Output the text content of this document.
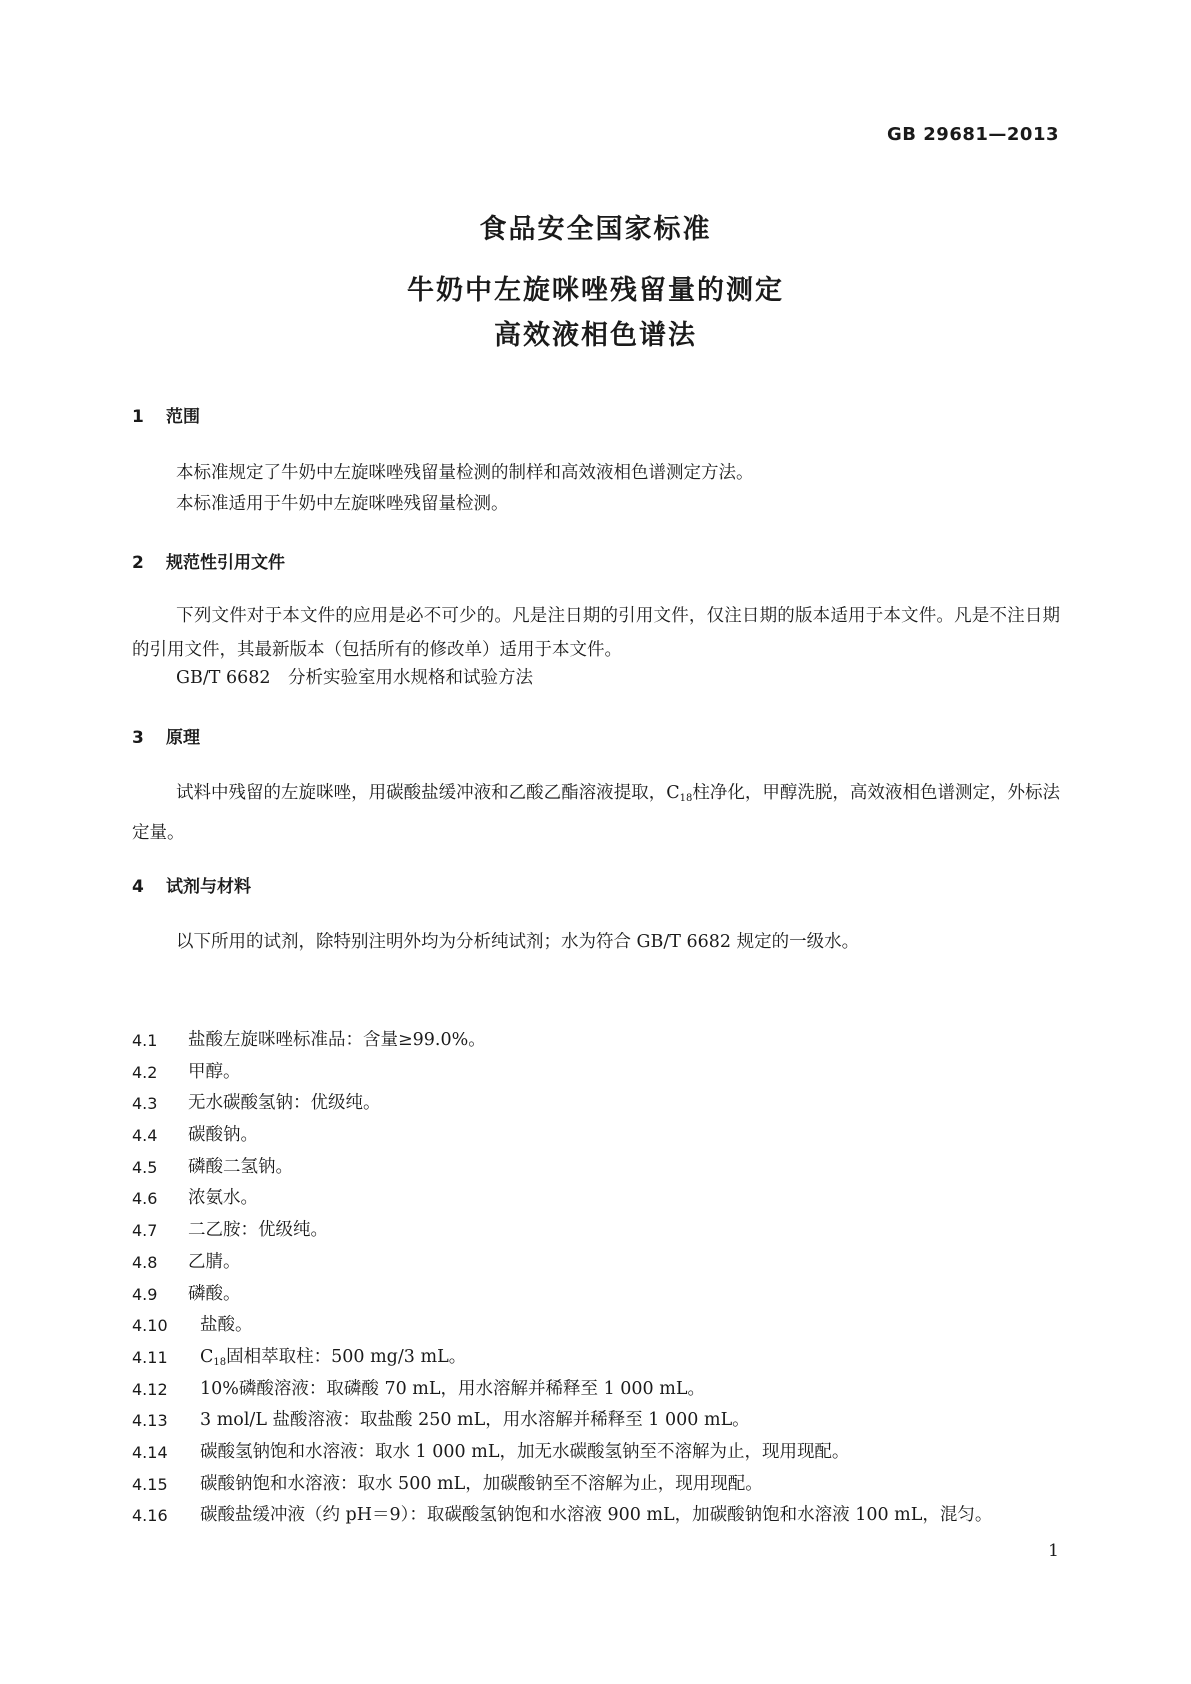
GB 29681—2013
食品安全国家标准
牛奶中左旋咪唑残留量的测定
高效液相色谱法
1 范围
本标准规定了牛奶中左旋咪唑残留量检测的制样和高效液相色谱测定方法。
本标准适用于牛奶中左旋咪唑残留量检测。
2 规范性引用文件
下列文件对于本文件的应用是必不可少的。凡是注日期的引用文件，仅注日期的版本适用于本文件。凡是不注日期的引用文件，其最新版本（包括所有的修改单）适用于本文件。
GB/T 6682　分析实验室用水规格和试验方法
3 原理
试料中残留的左旋咪唑，用碳酸盐缓冲液和乙酸乙酯溶液提取，$C_{18}$柱净化，甲醇洗脱，高效液相色谱测定，外标法定量。
4 试剂与材料
以下所用的试剂，除特别注明外均为分析纯试剂；水为符合 GB/T 6682 规定的一级水。
4.1	盐酸左旋咪唑标准品：含量≥99.0%。
4.2	甲醇。
4.3	无水碳酸氢钠：优级纯。
4.4	碳酸钠。
4.5	磷酸二氢钠。
4.6	浓氨水。
4.7	二乙胺：优级纯。
4.8	乙腈。
4.9	磷酸。
4.10	盐酸。
4.11	$C_{18}$固相萃取柱：500 mg/3 mL。
4.12	10%磷酸溶液：取磷酸 70 mL，用水溶解并稀释至 1 000 mL。
4.13	3 mol/L 盐酸溶液：取盐酸 250 mL，用水溶解并稀释至 1 000 mL。
4.14	碳酸氢钠饱和水溶液：取水 1 000 mL，加无水碳酸氢钠至不溶解为止，现用现配。
4.15	碳酸钠饱和水溶液：取水 500 mL，加碳酸钠至不溶解为止，现用现配。
4.16	碳酸盐缓冲液（约 pH＝9）：取碳酸氢钠饱和水溶液 900 mL，加碳酸钠饱和水溶液 100 mL，混匀。
1
